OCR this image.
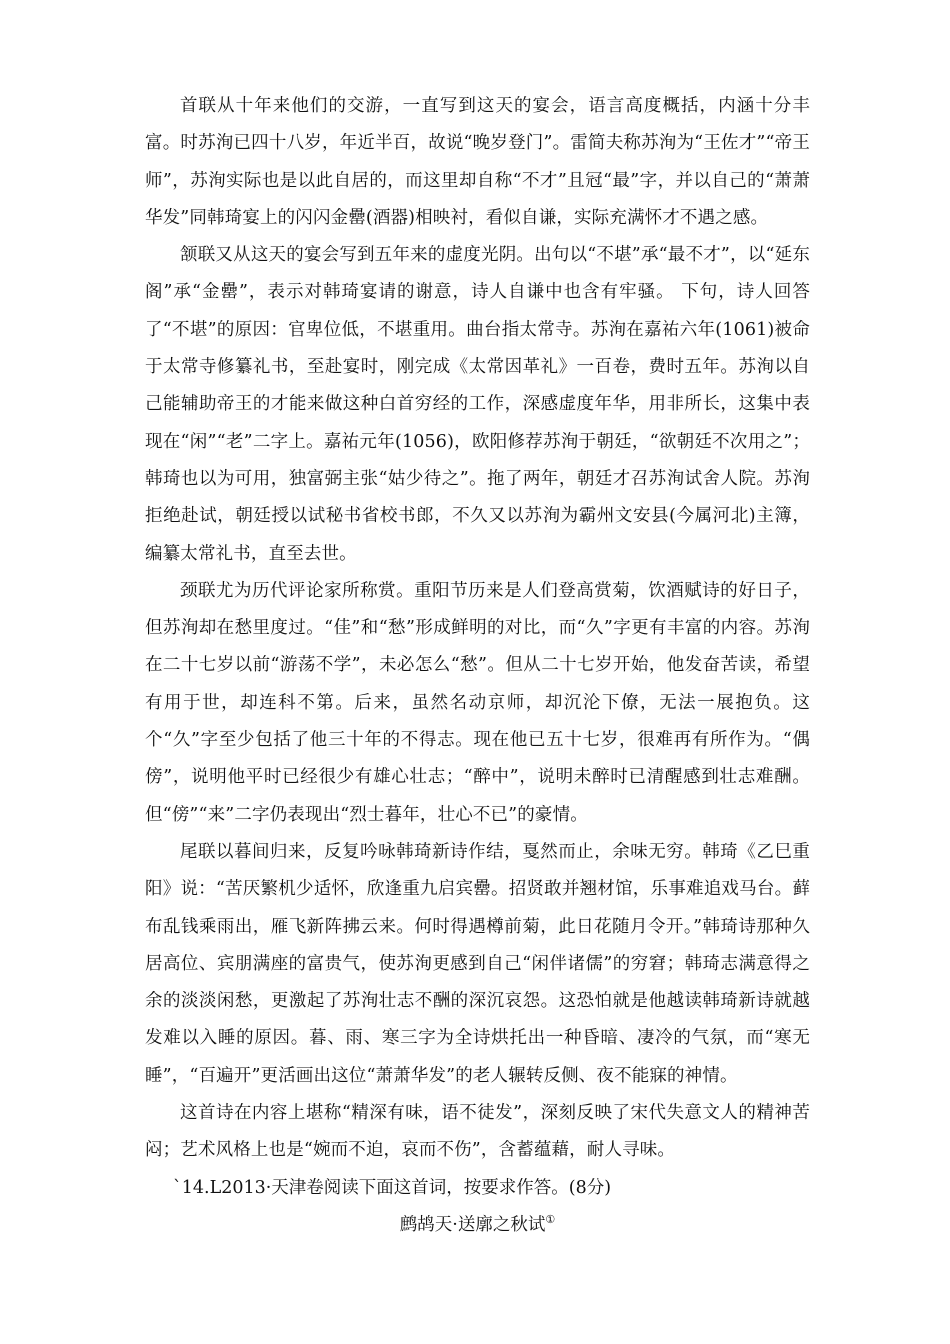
首联从十年来他们的交游，一直写到这天的宴会，语言高度概括，内涵十分丰富。时苏洵已四十八岁，年近半百，故说“晚岁登门”。雷简夫称苏洵为“王佐才”“帝王师”，苏洵实际也是以此自居的，而这里却自称“不才”且冠“最”字，并以自己的“萧萧华发”同韩琦宴上的闪闪金罍(酒器)相映衬，看似自谦，实际充满怀才不遇之感。

颔联又从这天的宴会写到五年来的虚度光阴。出句以“不堪”承“最不才”，以“延东阁”承“金罍”，表示对韩琦宴请的谢意，诗人自谦中也含有牢骚。 下句，诗人回答了“不堪”的原因：官卑位低，不堪重用。曲台指太常寺。苏洵在嘉祐六年(1061)被命于太常寺修纂礼书，至赴宴时，刚完成《太常因革礼》一百卷，费时五年。苏洵以自己能辅助帝王的才能来做这种白首穷经的工作，深感虚度年华，用非所长，这集中表现在“闲”“老”二字上。嘉祐元年(1056)，欧阳修荐苏洵于朝廷，“欲朝廷不次用之”；韩琦也以为可用，独富弼主张“姑少待之”。拖了两年，朝廷才召苏洵试舍人院。苏洵拒绝赴试，朝廷授以试秘书省校书郎，不久又以苏洵为霸州文安县(今属河北)主簿，编纂太常礼书，直至去世。

颈联尤为历代评论家所称赏。重阳节历来是人们登高赏菊，饮酒赋诗的好日子，但苏洵却在愁里度过。“佳”和“愁”形成鲜明的对比，而“久”字更有丰富的内容。苏洵在二十七岁以前“游荡不学”，未必怎么“愁”。但从二十七岁开始，他发奋苦读，希望有用于世，却连科不第。后来，虽然名动京师，却沉沦下僚，无法一展抱负。这个“久”字至少包括了他三十年的不得志。现在他已五十七岁，很难再有所作为。“偶傍”，说明他平时已经很少有雄心壮志；“醉中”，说明未醉时已清醒感到壮志难酬。但“傍”“来”二字仍表现出“烈士暮年，壮心不已”的豪情。

尾联以暮间归来，反复吟咏韩琦新诗作结，戛然而止，余味无穷。韩琦《乙巳重阳》说：“苦厌繁机少适怀，欣逢重九启宾罍。招贤敢并翘材馆，乐事难追戏马台。藓布乱钱乘雨出，雁飞新阵拂云来。何时得遇樽前菊，此日花随月令开。”韩琦诗那种久居高位、宾朋满座的富贵气，使苏洵更感到自己“闲伴诸儒”的穷窘；韩琦志满意得之余的淡淡闲愁，更激起了苏洵壮志不酬的深沉哀怨。这恐怕就是他越读韩琦新诗就越发难以入睡的原因。暮、雨、寒三字为全诗烘托出一种昏暗、凄冷的气氛，而“寒无睡”，“百遍开”更活画出这位“萧萧华发”的老人辗转反侧、夜不能寐的神情。

这首诗在内容上堪称“精深有味，语不徒发”，深刻反映了宋代失意文人的精神苦闷；艺术风格上也是“婉而不迫，哀而不伤”，含蓄蕴藉，耐人寻味。

`14.L2013·天津卷阅读下面这首词，按要求作答。(8分)

鹧鸪天·送廓之秋试①
